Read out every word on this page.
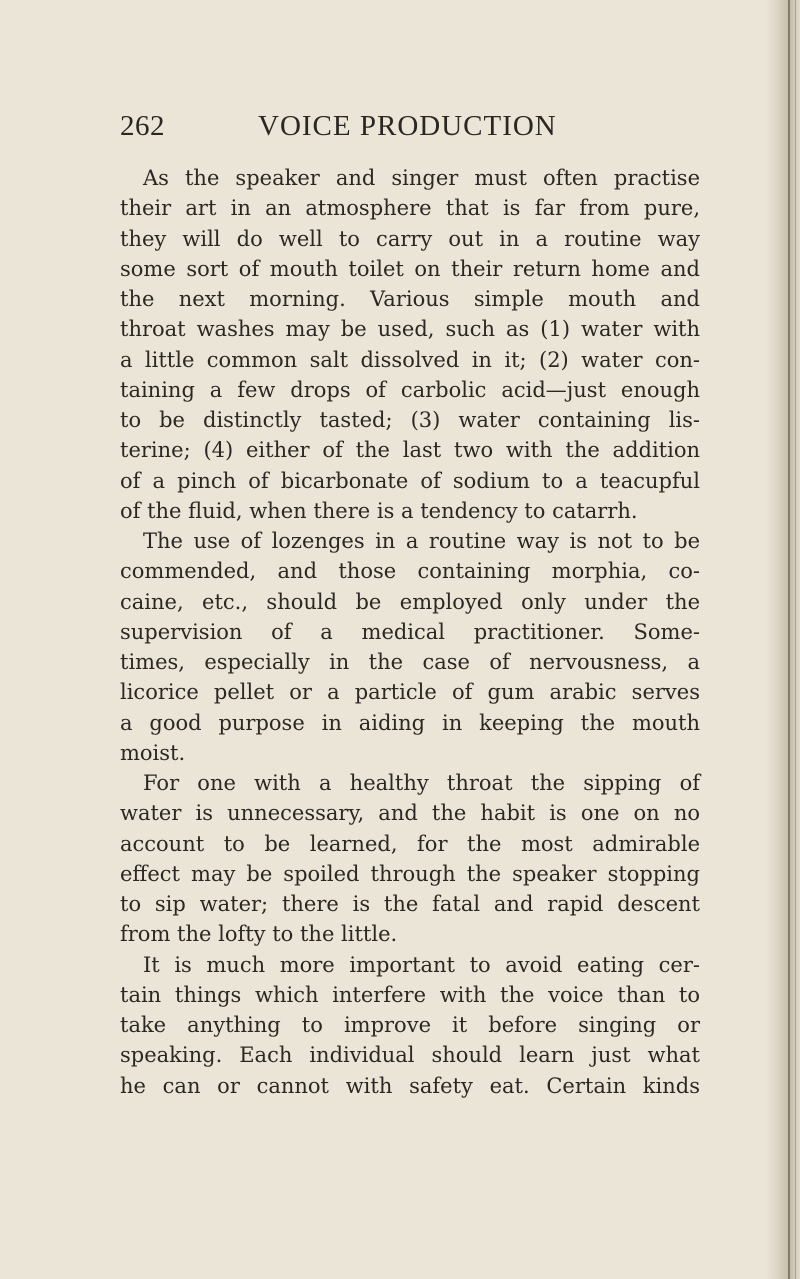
262	VOICE PRODUCTION
As the speaker and singer must often practise
their art in an atmosphere that is far from pure,
they will do well to carry out in a routine way
some sort of mouth toilet on their return home and
the next morning. Various simple mouth and
throat washes may be used, such as (1) water with
a little common salt dissolved in it; (2) water con-
taining a few drops of carbolic acid—just enough
to be distinctly tasted; (3) water containing lis-
terine; (4) either of the last two with the addition
of a pinch of bicarbonate of sodium to a teacupful
of the fluid, when there is a tendency to catarrh.
The use of lozenges in a routine way is not to be
commended, and those containing morphia, co-
caine, etc., should be employed only under the
supervision of a medical practitioner. Some-
times, especially in the case of nervousness, a
licorice pellet or a particle of gum arabic serves
a good purpose in aiding in keeping the mouth
moist.
For one with a healthy throat the sipping of
water is unnecessary, and the habit is one on no
account to be learned, for the most admirable
effect may be spoiled through the speaker stopping
to sip water; there is the fatal and rapid descent
from the lofty to the little.
It is much more important to avoid eating cer-
tain things which interfere with the voice than to
take anything to improve it before singing or
speaking. Each individual should learn just what
he can or cannot with safety eat. Certain kinds
